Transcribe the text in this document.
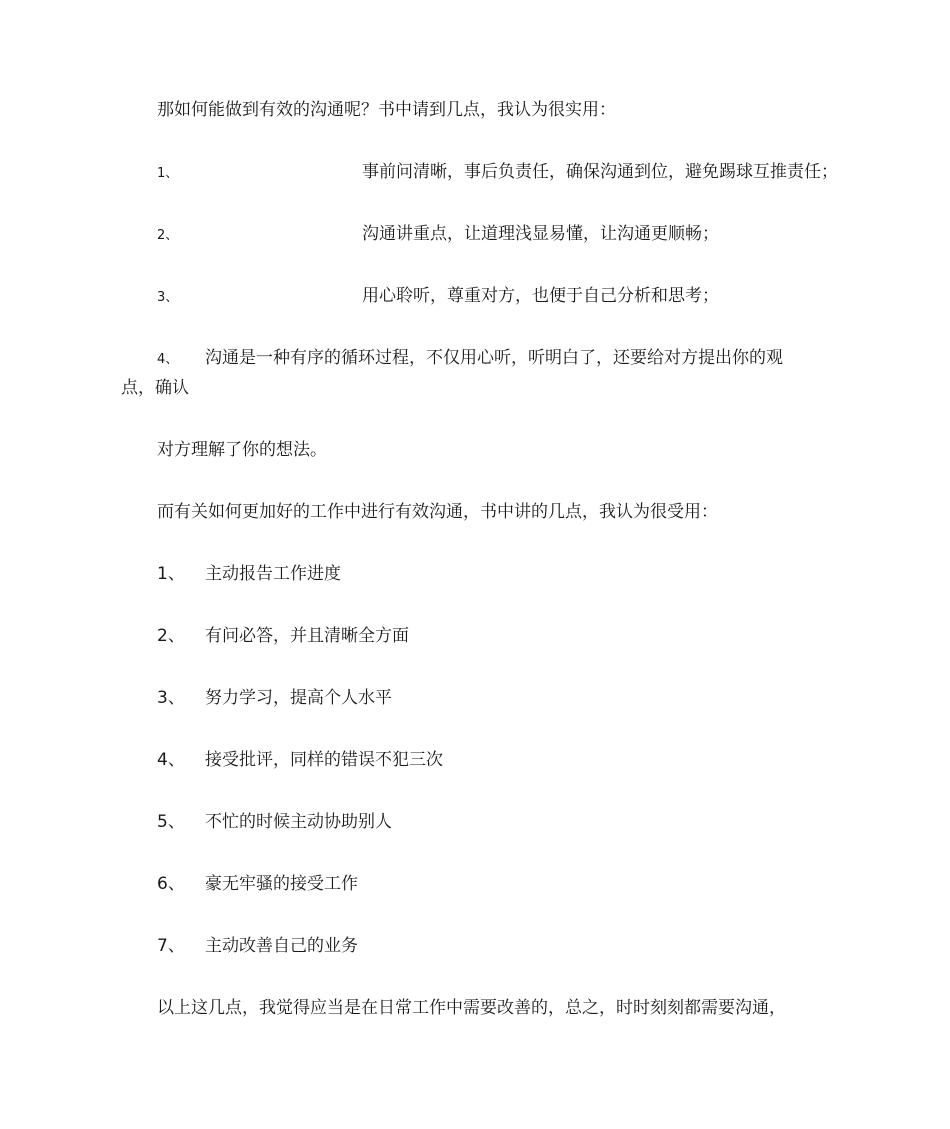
那如何能做到有效的沟通呢？书中请到几点，我认为很实用：
1、	事前问清晰，事后负责任，确保沟通到位，避免踢球互推责任；
2、	沟通讲重点，让道理浅显易懂，让沟通更顺畅；
3、	用心聆听，尊重对方，也便于自己分析和思考；
4、 沟通是一种有序的循环过程，不仅用心听，听明白了，还要给对方提出你的观
点，确认
对方理解了你的想法。
而有关如何更加好的工作中进行有效沟通，书中讲的几点，我认为很受用：
1、 主动报告工作进度
2、 有问必答，并且清晰全方面
3、 努力学习，提高个人水平
4、 接受批评，同样的错误不犯三次
5、 不忙的时候主动协助别人
6、 豪无牢骚的接受工作
7、 主动改善自己的业务
以上这几点，我觉得应当是在日常工作中需要改善的，总之，时时刻刻都需要沟通，
